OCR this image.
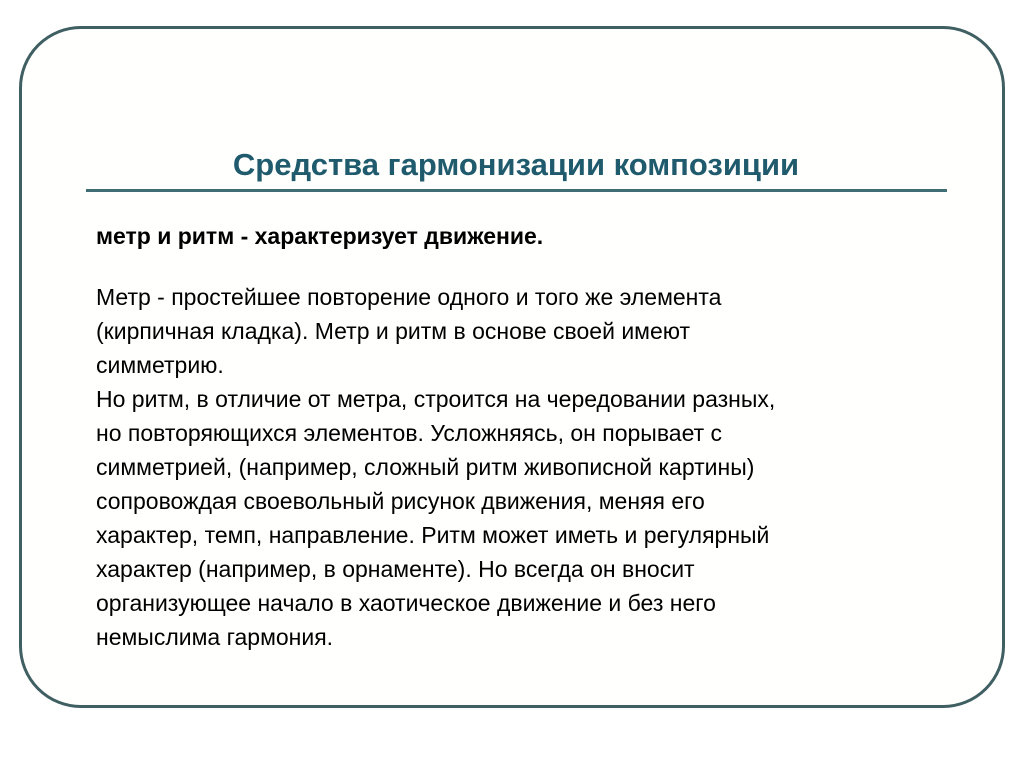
Средства гармонизации композиции
метр и ритм - характеризует движение.

Метр - простейшее повторение одного и того же элемента
(кирпичная кладка). Метр и ритм в основе своей имеют
симметрию.

Но ритм, в отличие от метра, строится на чередовании разных,
но повторяющихся элементов. Усложняясь, он порывает с
симметрией, (например, сложный ритм живописной картины)
сопровождая своевольный рисунок движения, меняя его
характер, темп, направление. Ритм может иметь и регулярный
характер (например, в орнаменте). Но всегда он вносит
организующее начало в хаотическое движение и без него
немыслима гармония.
